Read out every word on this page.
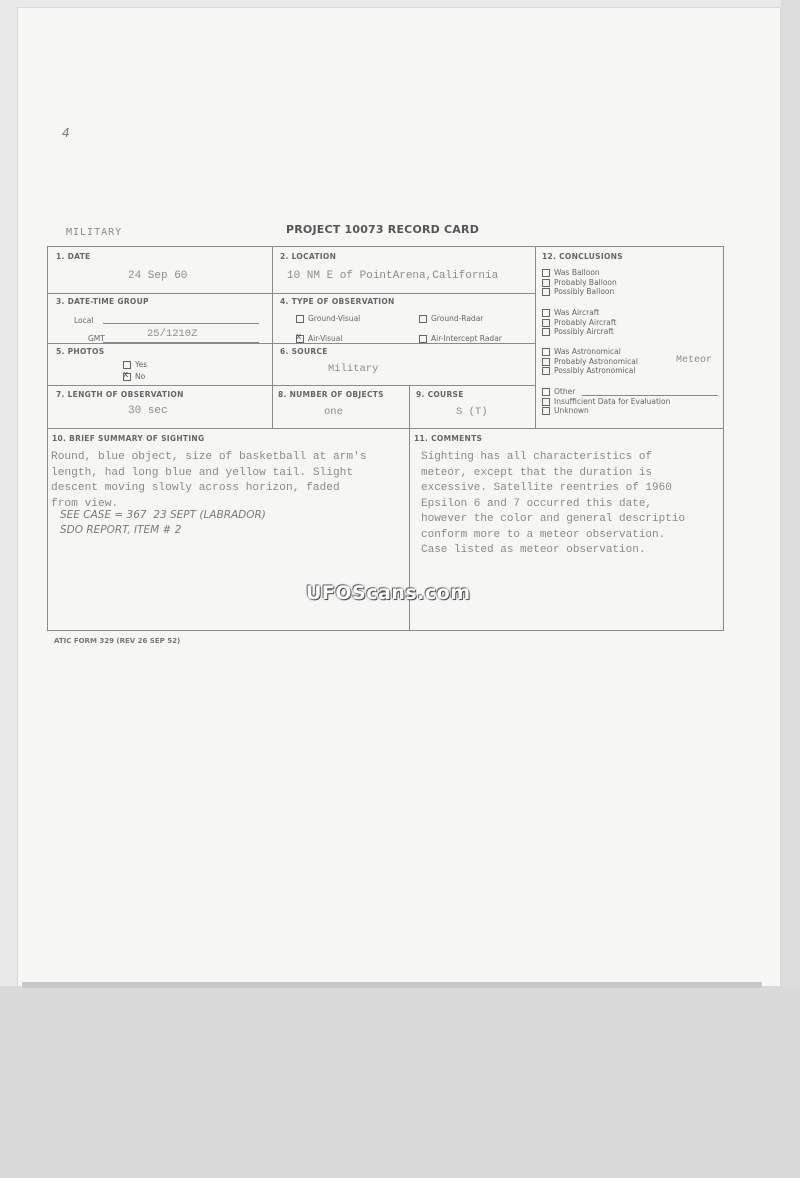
4
MILITARY	PROJECT 10073 RECORD CARD
1. DATE
24 Sep 60
2. LOCATION
10 NM E of PointArena,California
3. DATE-TIME GROUP
Local
GMT	25/1210Z
4. TYPE OF OBSERVATION
Ground-Visual	Ground-Radar
x Air-Visual	Air-Intercept Radar
5. PHOTOS
Yes
x No
6. SOURCE
Military
7. LENGTH OF OBSERVATION
30 sec
8. NUMBER OF OBJECTS
one
9. COURSE
S (T)
12. CONCLUSIONS
Was Balloon
Probably Balloon
Possibly Balloon
Was Aircraft
Probably Aircraft
Possibly Aircraft
Was Astronomical
Probably Astronomical
Possibly Astronomical
Meteor
Other
Insufficient Data for Evaluation
Unknown
10. BRIEF SUMMARY OF SIGHTING
Round, blue object, size of basketball at arm's
length, had long blue and yellow tail. Slight
descent moving slowly across horizon, faded
from view.
SEE CASE = 367  23 SEPT (LABRADOR)
SDO REPORT, ITEM # 2
11. COMMENTS
Sighting has all characteristics of
meteor, except that the duration is
excessive. Satellite reentries of 1960
Epsilon 6 and 7 occurred this date,
however the color and general descriptio
conform more to a meteor observation.
Case listed as meteor observation.
UFOScans.com
ATIC FORM 329 (REV 26 SEP 52)
